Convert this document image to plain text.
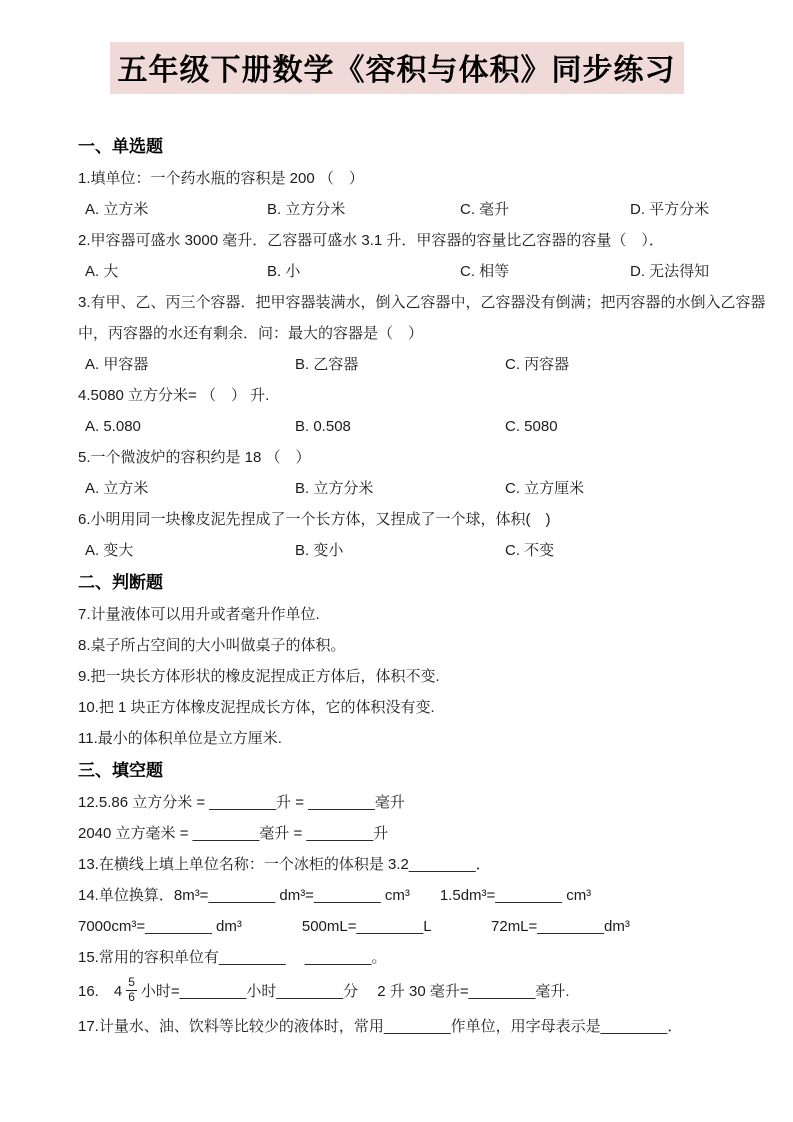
五年级下册数学《容积与体积》同步练习
一、单选题
1.填单位：一个药水瓶的容积是 200 （　）
A. 立方米	B. 立方分米	C. 毫升	D. 平方分米
2.甲容器可盛水 3000 毫升．乙容器可盛水 3.1 升．甲容器的容量比乙容器的容量（　）．
A. 大	B. 小	C. 相等	D. 无法得知
3.有甲、乙、丙三个容器．把甲容器装满水，倒入乙容器中，乙容器没有倒满；把丙容器的水倒入乙容器
中，丙容器的水还有剩余．问：最大的容器是（　）
A. 甲容器	B. 乙容器	C. 丙容器
4.5080 立方分米= （　） 升.
A. 5.080	B. 0.508	C. 5080
5.一个微波炉的容积约是 18 （　）
A. 立方米	B. 立方分米	C. 立方厘米
6.小明用同一块橡皮泥先捏成了一个长方体，又捏成了一个球，体积(　)
A. 变大	B. 变小	C. 不变
二、判断题
7.计量液体可以用升或者毫升作单位.
8.桌子所占空间的大小叫做桌子的体积。
9.把一块长方体形状的橡皮泥捏成正方体后，体积不变.
10.把 1 块正方体橡皮泥捏成长方体，它的体积没有变.
11.最小的体积单位是立方厘米.
三、填空题
12.5.86 立方分米 = ________升 = ________毫升
2040 立方毫米 = ________毫升 = ________升
13.在横线上填上单位名称：一个冰柜的体积是 3.2________．
14.单位换算．8m³=________ dm³=________ cm³　　1.5dm³=________ cm³
7000cm³=________ dm³　　　　500mL=________L　　　　72mL=________dm³
15.常用的容积单位有________　 ________。
16.　$4 \frac{5}{6}$ 小时=________小时________分　 2 升 30 毫升=________毫升.
17.计量水、油、饮料等比较少的液体时，常用________作单位，用字母表示是________．
